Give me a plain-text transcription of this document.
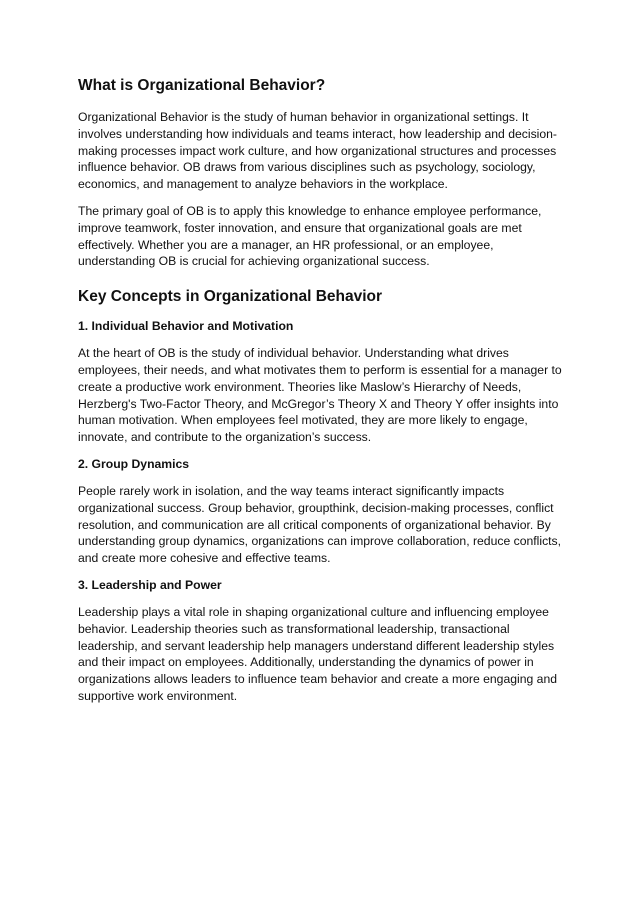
What is Organizational Behavior?

Organizational Behavior is the study of human behavior in organizational settings. It involves understanding how individuals and teams interact, how leadership and decision-making processes impact work culture, and how organizational structures and processes influence behavior. OB draws from various disciplines such as psychology, sociology, economics, and management to analyze behaviors in the workplace.

The primary goal of OB is to apply this knowledge to enhance employee performance, improve teamwork, foster innovation, and ensure that organizational goals are met effectively. Whether you are a manager, an HR professional, or an employee, understanding OB is crucial for achieving organizational success.

Key Concepts in Organizational Behavior
1. Individual Behavior and Motivation

At the heart of OB is the study of individual behavior. Understanding what drives employees, their needs, and what motivates them to perform is essential for a manager to create a productive work environment. Theories like Maslow’s Hierarchy of Needs, Herzberg's Two-Factor Theory, and McGregor’s Theory X and Theory Y offer insights into human motivation. When employees feel motivated, they are more likely to engage, innovate, and contribute to the organization’s success.

2. Group Dynamics

People rarely work in isolation, and the way teams interact significantly impacts organizational success. Group behavior, groupthink, decision-making processes, conflict resolution, and communication are all critical components of organizational behavior. By understanding group dynamics, organizations can improve collaboration, reduce conflicts, and create more cohesive and effective teams.

3. Leadership and Power

Leadership plays a vital role in shaping organizational culture and influencing employee behavior. Leadership theories such as transformational leadership, transactional leadership, and servant leadership help managers understand different leadership styles and their impact on employees. Additionally, understanding the dynamics of power in organizations allows leaders to influence team behavior and create a more engaging and supportive work environment.
